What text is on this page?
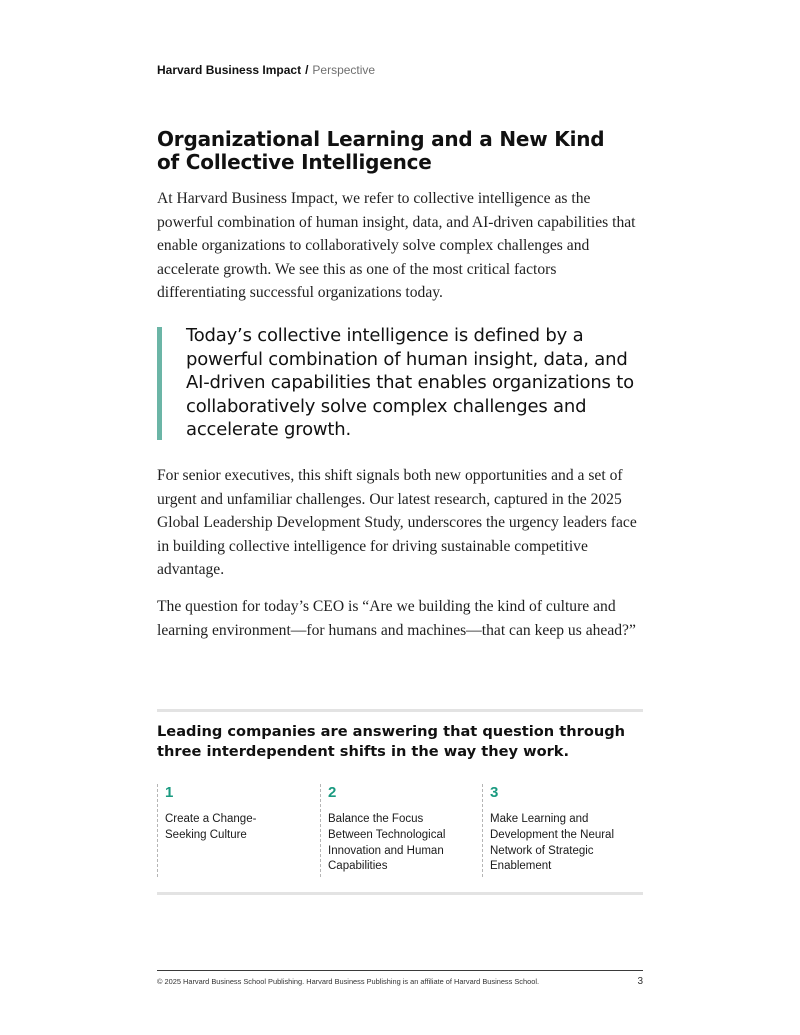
Harvard Business Impact / Perspective
Organizational Learning and a New Kind of Collective Intelligence

At Harvard Business Impact, we refer to collective intelligence as the powerful combination of human insight, data, and AI-driven capabilities that enable organizations to collaboratively solve complex challenges and accelerate growth. We see this as one of the most critical factors differentiating successful organizations today.

Today’s collective intelligence is defined by a powerful combination of human insight, data, and AI-driven capabilities that enables organizations to collaboratively solve complex challenges and accelerate growth.

For senior executives, this shift signals both new opportunities and a set of urgent and unfamiliar challenges. Our latest research, captured in the 2025 Global Leadership Development Study, underscores the urgency leaders face in building collective intelligence for driving sustainable competitive advantage.

The question for today’s CEO is “Are we building the kind of culture and learning environment—for humans and machines—that can keep us ahead?”

Leading companies are answering that question through three interdependent shifts in the way they work.
1
Create a Change-Seeking Culture
2
Balance the Focus Between Technological Innovation and Human Capabilities
3
Make Learning and Development the Neural Network of Strategic Enablement
© 2025 Harvard Business School Publishing. Harvard Business Publishing is an affiliate of Harvard Business School.	3
